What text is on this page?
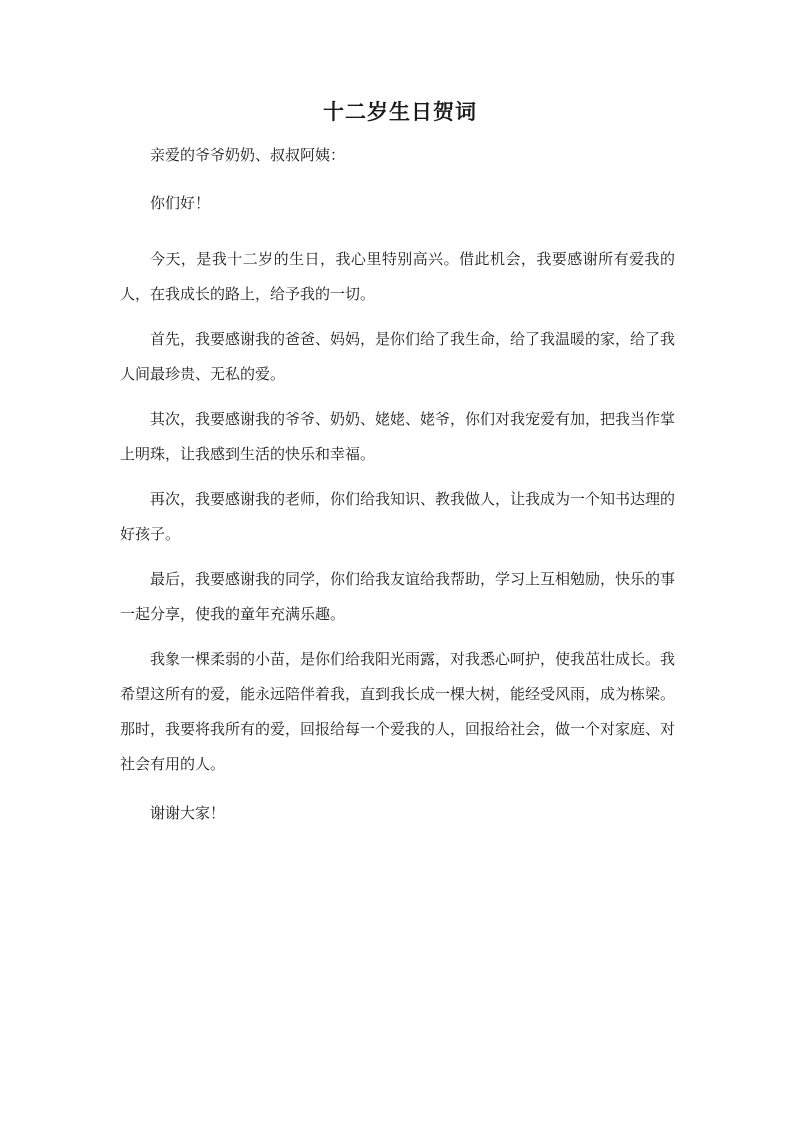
十二岁生日贺词

亲爱的爷爷奶奶、叔叔阿姨：

你们好！

今天，是我十二岁的生日，我心里特别高兴。借此机会，我要感谢所有爱我的人，在我成长的路上，给予我的一切。

首先，我要感谢我的爸爸、妈妈，是你们给了我生命，给了我温暖的家，给了我人间最珍贵、无私的爱。

其次，我要感谢我的爷爷、奶奶、姥姥、姥爷，你们对我宠爱有加，把我当作掌上明珠，让我感到生活的快乐和幸福。

再次，我要感谢我的老师，你们给我知识、教我做人，让我成为一个知书达理的好孩子。

最后，我要感谢我的同学，你们给我友谊给我帮助，学习上互相勉励，快乐的事一起分享，使我的童年充满乐趣。

我象一棵柔弱的小苗，是你们给我阳光雨露，对我悉心呵护，使我茁壮成长。我希望这所有的爱，能永远陪伴着我，直到我长成一棵大树，能经受风雨，成为栋梁。那时，我要将我所有的爱，回报给每一个爱我的人，回报给社会，做一个对家庭、对社会有用的人。

谢谢大家！
